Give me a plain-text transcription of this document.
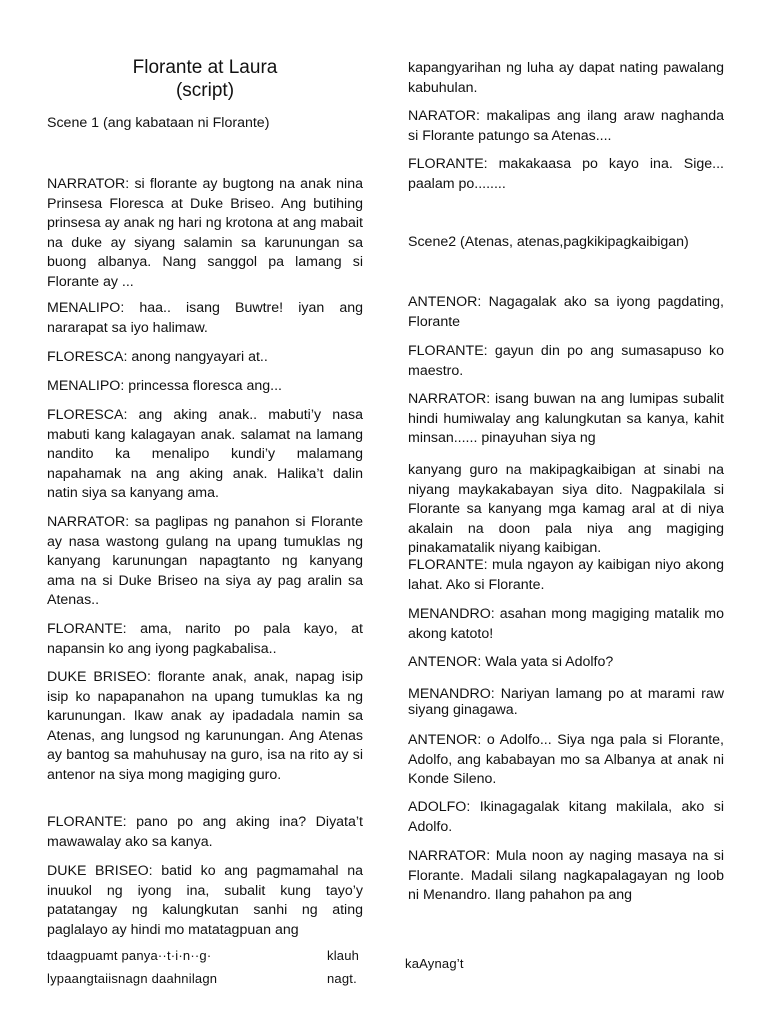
Florante at Laura
(script)

Scene 1 (ang kabataan ni Florante)

NARRATOR: si florante ay bugtong na anak nina Prinsesa Floresca at Duke Briseo. Ang butihing prinsesa ay anak ng hari ng krotona at ang mabait na duke ay siyang salamin sa karunungan sa buong albanya. Nang sanggol pa lamang si Florante ay ...

MENALIPO: haa.. isang Buwtre! iyan ang nararapat sa iyo halimaw.

FLORESCA: anong nangyayari at..

MENALIPO: princessa floresca ang...

FLORESCA: ang aking anak.. mabuti’y nasa mabuti kang kalagayan anak. salamat na lamang nandito ka menalipo kundi’y malamang napahamak na ang aking anak. Halika’t dalin natin siya sa kanyang ama.

NARRATOR: sa paglipas ng panahon si Florante ay nasa wastong gulang na upang tumuklas ng kanyang karunungan napagtanto ng kanyang ama na si Duke Briseo na siya ay pag aralin sa Atenas..

FLORANTE: ama, narito po pala kayo, at napansin ko ang iyong pagkabalisa..

DUKE BRISEO: florante anak, anak, napag isip isip ko napapanahon na upang tumuklas ka ng karunungan. Ikaw anak ay ipadadala namin sa Atenas, ang lungsod ng karunungan. Ang Atenas ay bantog sa mahuhusay na guro, isa na rito ay si antenor na siya mong magiging guro.

FLORANTE: pano po ang aking ina? Diyata’t mawawalay ako sa kanya.

DUKE BRISEO: batid ko ang pagmamahal na inuukol ng iyong ina, subalit kung tayo’y patatangay ng kalungkutan sanhi ng ating paglalayo ay hindi mo matatagpuan ang

kapangyarihan ng luha ay dapat nating pawalang kabuhulan.

NARATOR: makalipas ang ilang araw naghanda si Florante patungo sa Atenas....

FLORANTE: makakaasa po kayo ina. Sige... paalam po........

Scene2 (Atenas, atenas,pagkikipagkaibigan)

ANTENOR: Nagagalak ako sa iyong pagdating, Florante

FLORANTE: gayun din po ang sumasapuso ko maestro.

NARRATOR: isang buwan na ang lumipas subalit hindi humiwalay ang kalungkutan sa kanya, kahit minsan...... pinayuhan siya ng

kanyang guro na makipagkaibigan at sinabi na niyang maykakabayan siya dito. Nagpakilala si Florante sa kanyang mga kamag aral at di niya akalain na doon pala niya ang magiging pinakamatalik niyang kaibigan.

FLORANTE: mula ngayon ay kaibigan niyo akong lahat. Ako si Florante.

MENANDRO: asahan mong magiging matalik mo akong katoto!

ANTENOR: Wala yata si Adolfo?

MENANDRO: Nariyan lamang po at marami raw siyang ginagawa.

ANTENOR: o Adolfo... Siya nga pala si Florante, Adolfo, ang kababayan mo sa Albanya at anak ni Konde Sileno.

ADOLFO: Ikinagagalak kitang makilala, ako si Adolfo.

NARRATOR: Mula noon ay naging masaya na si Florante. Madali silang nagkapalagayan ng loob ni Menandro. Ilang pahahon pa ang

tdaagpuamt panya··t·i·n··g·	klauh
lypaangtaiisnagn daahnilagn	nagt.
kaAynag’t
